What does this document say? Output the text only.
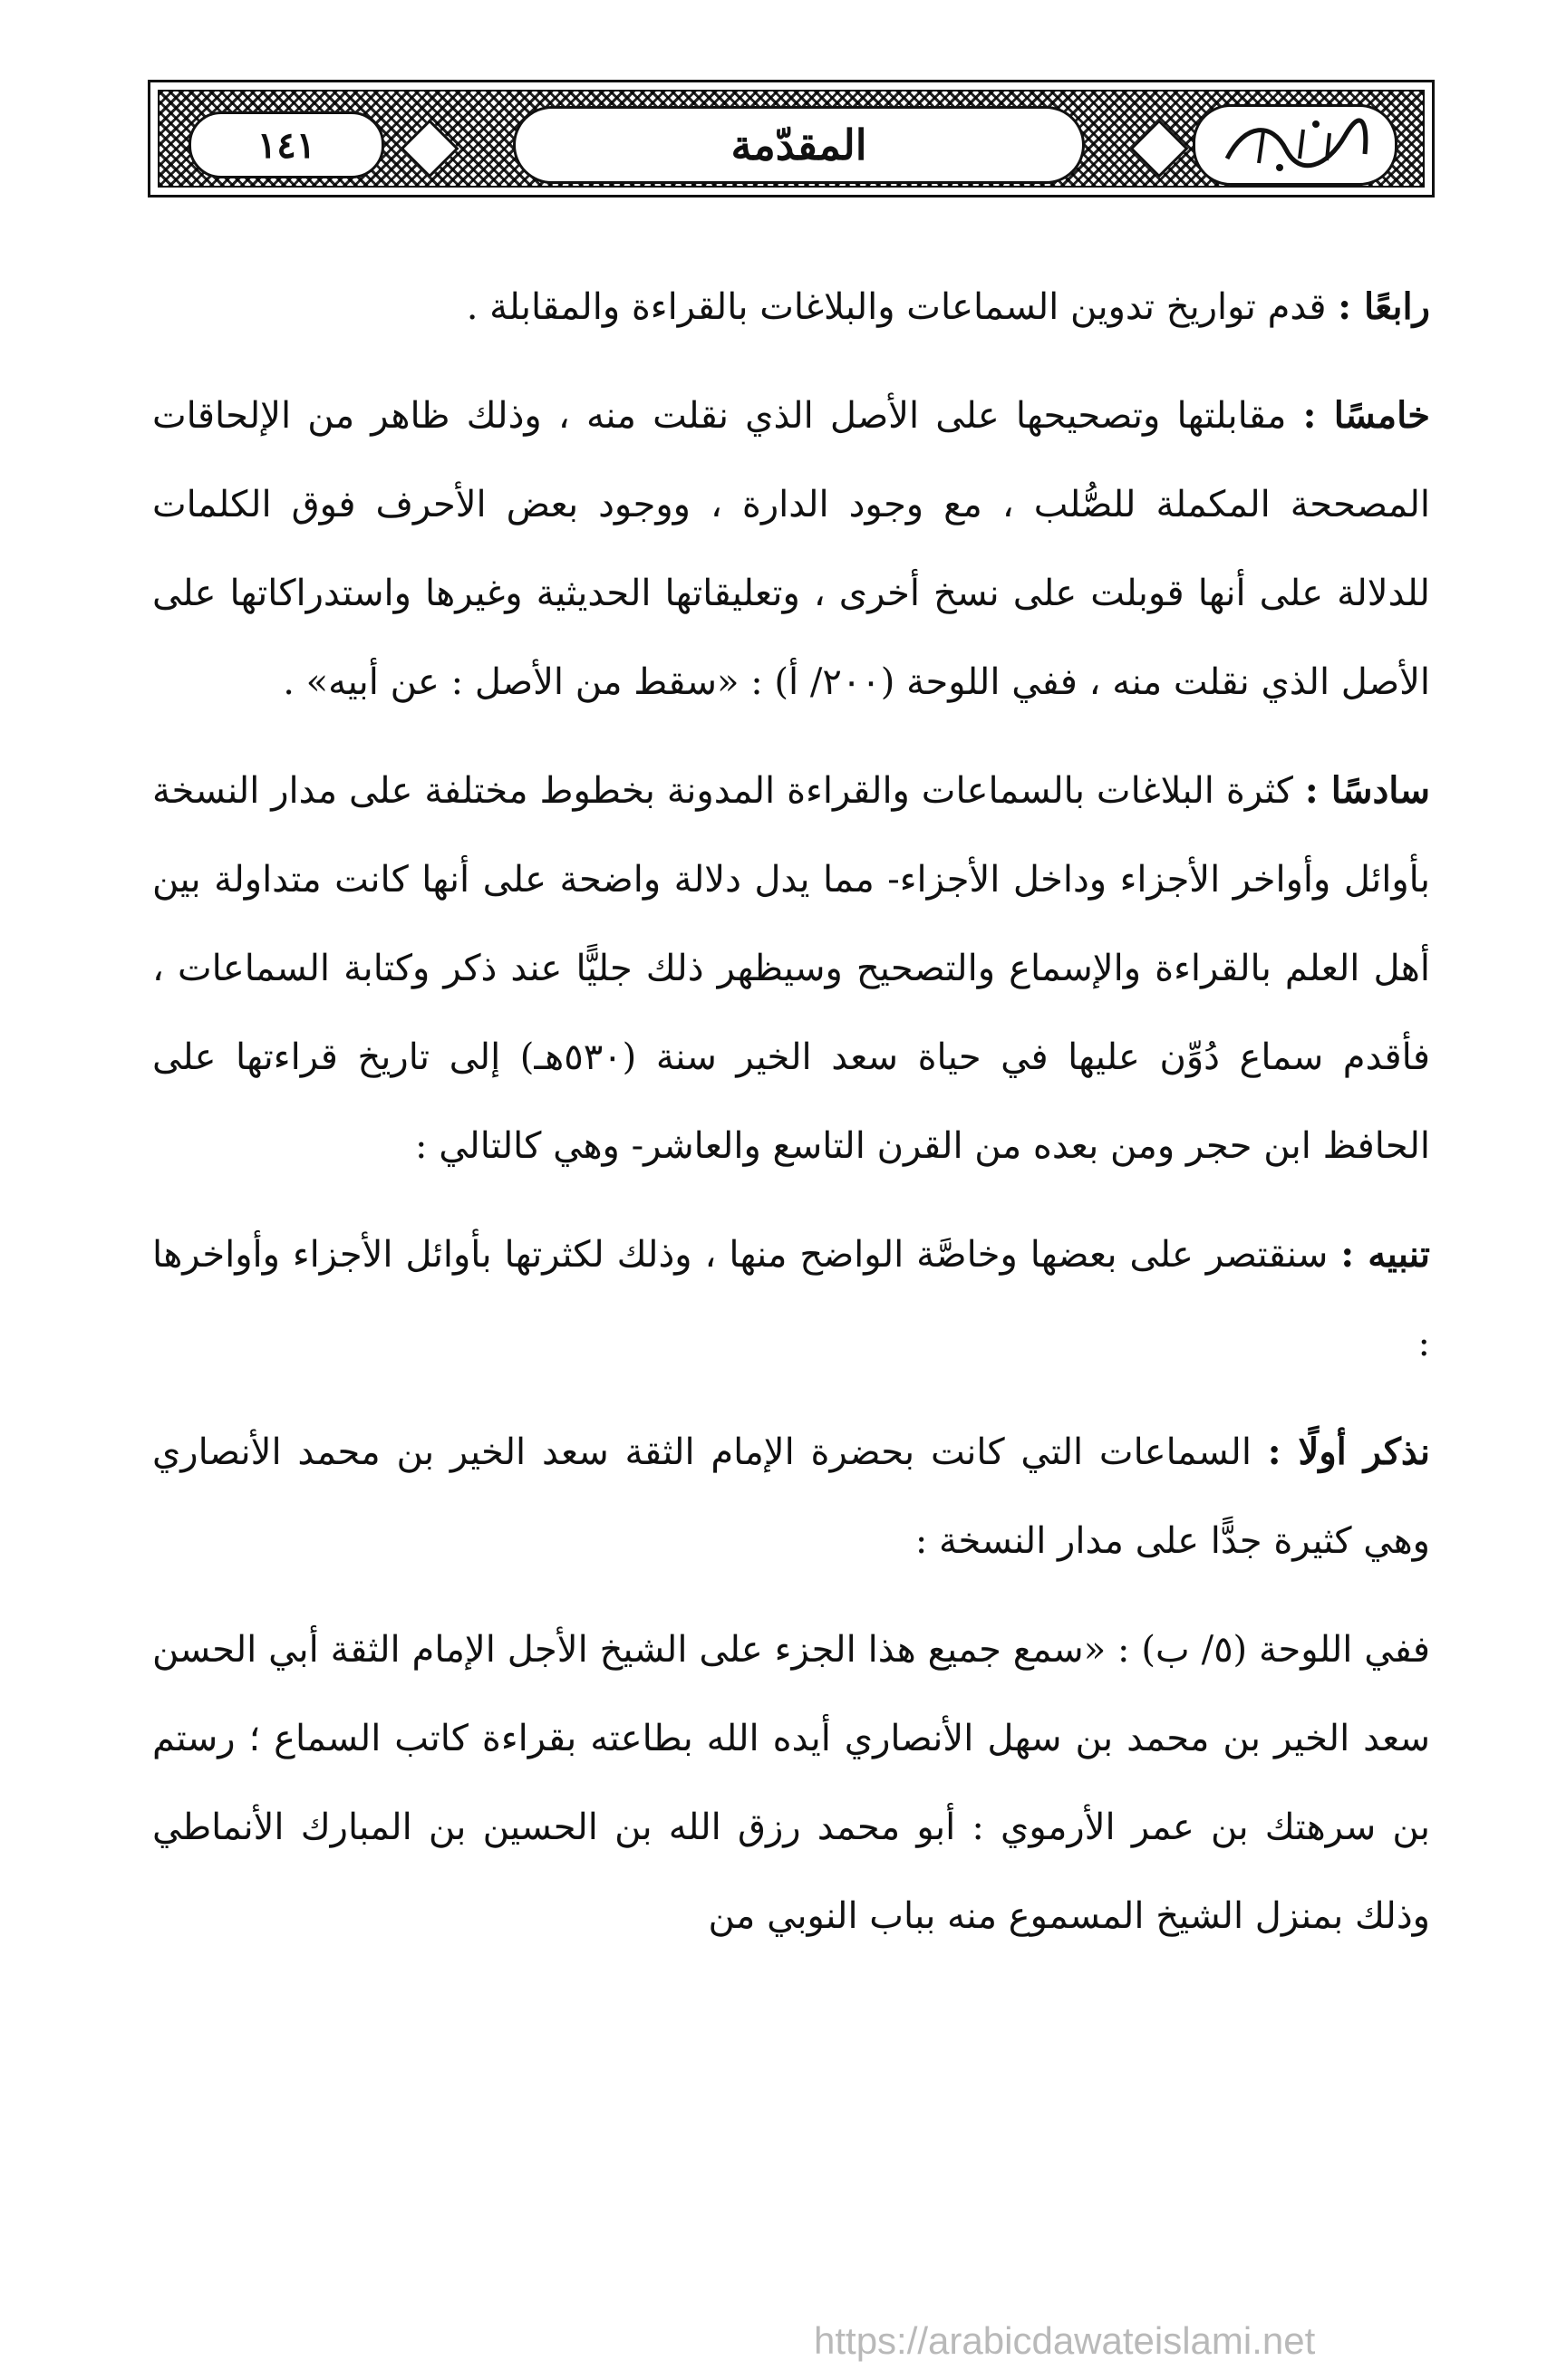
١٤١	المقدّمة

رابعًا : قدم تواريخ تدوين السماعات والبلاغات بالقراءة والمقابلة .

خامسًا : مقابلتها وتصحيحها على الأصل الذي نقلت منه ، وذلك ظاهر من الإلحاقات المصححة المكملة للصُّلب ، مع وجود الدارة ، ووجود بعض الأحرف فوق الكلمات للدلالة على أنها قوبلت على نسخ أخرى ، وتعليقاتها الحديثية وغيرها واستدراكاتها على الأصل الذي نقلت منه ، ففي اللوحة (٢٠٠/ أ) : «سقط من الأصل : عن أبيه» .

سادسًا : كثرة البلاغات بالسماعات والقراءة المدونة بخطوط مختلفة على مدار النسخة بأوائل وأواخر الأجزاء وداخل الأجزاء- مما يدل دلالة واضحة على أنها كانت متداولة بين أهل العلم بالقراءة والإسماع والتصحيح وسيظهر ذلك جليًّا عند ذكر وكتابة السماعات ، فأقدم سماع دُوِّن عليها في حياة سعد الخير سنة (٥٣٠هـ) إلى تاريخ قراءتها على الحافظ ابن حجر ومن بعده من القرن التاسع والعاشر- وهي كالتالي :

تنبيه : سنقتصر على بعضها وخاصَّة الواضح منها ، وذلك لكثرتها بأوائل الأجزاء وأواخرها :

نذكر أولًا : السماعات التي كانت بحضرة الإمام الثقة سعد الخير بن محمد الأنصاري وهي كثيرة جدًّا على مدار النسخة :

ففي اللوحة (٥/ ب) : «سمع جميع هذا الجزء على الشيخ الأجل الإمام الثقة أبي الحسن سعد الخير بن محمد بن سهل الأنصاري أيده الله بطاعته بقراءة كاتب السماع ؛ رستم بن سرهتك بن عمر الأرموي : أبو محمد رزق الله بن الحسين بن المبارك الأنماطي وذلك بمنزل الشيخ المسموع منه بباب النوبي من

https://arabicdawateislami.net
